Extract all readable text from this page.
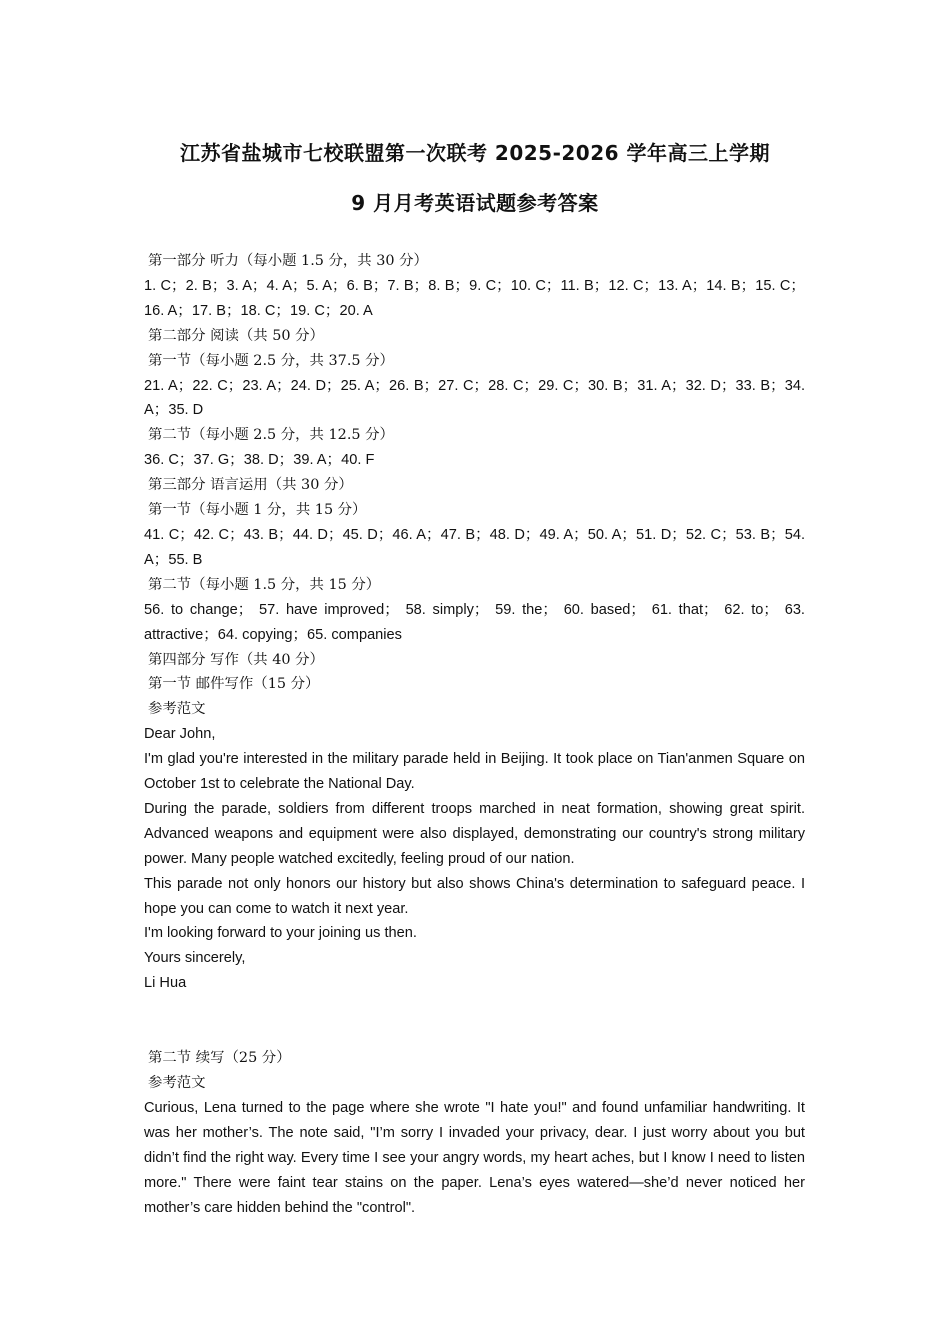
江苏省盐城市七校联盟第一次联考 2025-2026 学年高三上学期
9 月月考英语试题参考答案

第一部分 听力（每小题 1.5 分，共 30 分）

1. C；2. B；3. A；4. A；5. A；6. B；7. B；8. B；9. C；10. C；11. B；12. C；13. A；14. B；15. C；16. A；17. B；18. C；19. C；20. A

第二部分 阅读（共 50 分）

第一节（每小题 2.5 分，共 37.5 分）

21. A；22. C；23. A；24. D；25. A；26. B；27. C；28. C；29. C；30. B；31. A；32. D；33. B；34. A；35. D

第二节（每小题 2.5 分，共 12.5 分）

36. C；37. G；38. D；39. A；40. F

第三部分 语言运用（共 30 分）

第一节（每小题 1 分，共 15 分）

41. C；42. C；43. B；44. D；45. D；46. A；47. B；48. D；49. A；50. A；51. D；52. C；53. B；54. A；55. B

第二节（每小题 1.5 分，共 15 分）

56. to change； 57. have improved； 58. simply； 59. the； 60. based； 61. that； 62. to； 63. attractive；64. copying；65. companies

第四部分 写作（共 40 分）

第一节 邮件写作（15 分）

参考范文

Dear John,

I'm glad you're interested in the military parade held in Beijing. It took place on Tian'anmen Square on October 1st to celebrate the National Day.

During the parade, soldiers from different troops marched in neat formation, showing great spirit. Advanced weapons and equipment were also displayed, demonstrating our country's strong military power. Many people watched excitedly, feeling proud of our nation.

This parade not only honors our history but also shows China's determination to safeguard peace. I hope you can come to watch it next year.

I'm looking forward to your joining us then.

Yours sincerely,

Li Hua

第二节 续写（25 分）

参考范文

Curious, Lena turned to the page where she wrote "I hate you!" and found unfamiliar handwriting. It was her mother’s. The note said, "I’m sorry I invaded your privacy, dear. I just worry about you but didn’t find the right way. Every time I see your angry words, my heart aches, but I know I need to listen more." There were faint tear stains on the paper. Lena’s eyes watered—she’d never noticed her mother’s care hidden behind the "control".
